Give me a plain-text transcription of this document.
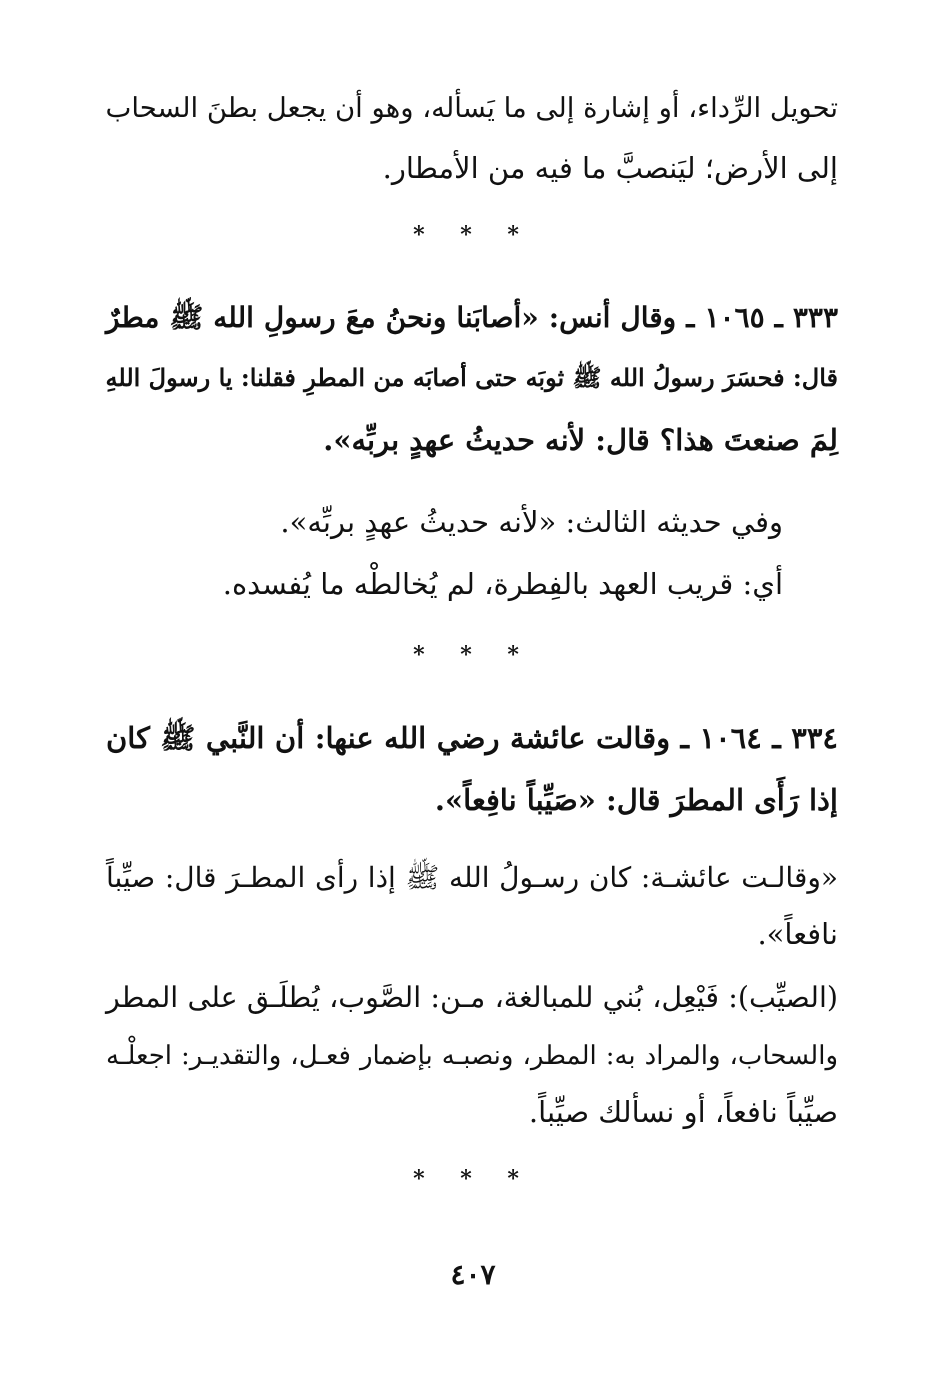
تحويل الرِّداء، أو إشارة إلى ما يَسأله، وهو أن يجعل بطنَ السحاب
إلى الأرض؛ ليَنصبَّ ما فيه من الأمطار.
* * *
٣٣٣ ـ ١٠٦٥ ـ وقال أنس: «أصابَنا ونحنُ معَ رسولِ الله ﷺ مطرٌ
قال: فحسَرَ رسولُ الله ﷺ ثوبَه حتى أصابَه من المطرِ فقلنا: يا رسولَ اللهِ
لِمَ صنعتَ هذا؟ قال: لأنه حديثُ عهدٍ بربِّه».
وفي حديثه الثالث: «لأنه حديثُ عهدٍ بربِّه».
أي: قريب العهد بالفِطرة، لم يُخالطْه ما يُفسده.
* * *
٣٣٤ ـ ١٠٦٤ ـ وقالت عائشة رضي الله عنها: أن النَّبي ﷺ كان
إذا رَأَى المطرَ قال: «صَيِّباً نافِعاً».
«وقالـت عائشـة: كان رسـولُ الله ﷺ إذا رأى المطـرَ قال: صيِّباً
نافعاً».
(الصيِّب): فَيْعِل، بُني للمبالغة، مـن: الصَّوب، يُطلَـق على المطر
والسحاب، والمراد به: المطر، ونصبـه بإضمار فعـل، والتقديـر: اجعلْـه
صيِّباً نافعاً، أو نسألك صيِّباً.
* * *
٤٠٧
